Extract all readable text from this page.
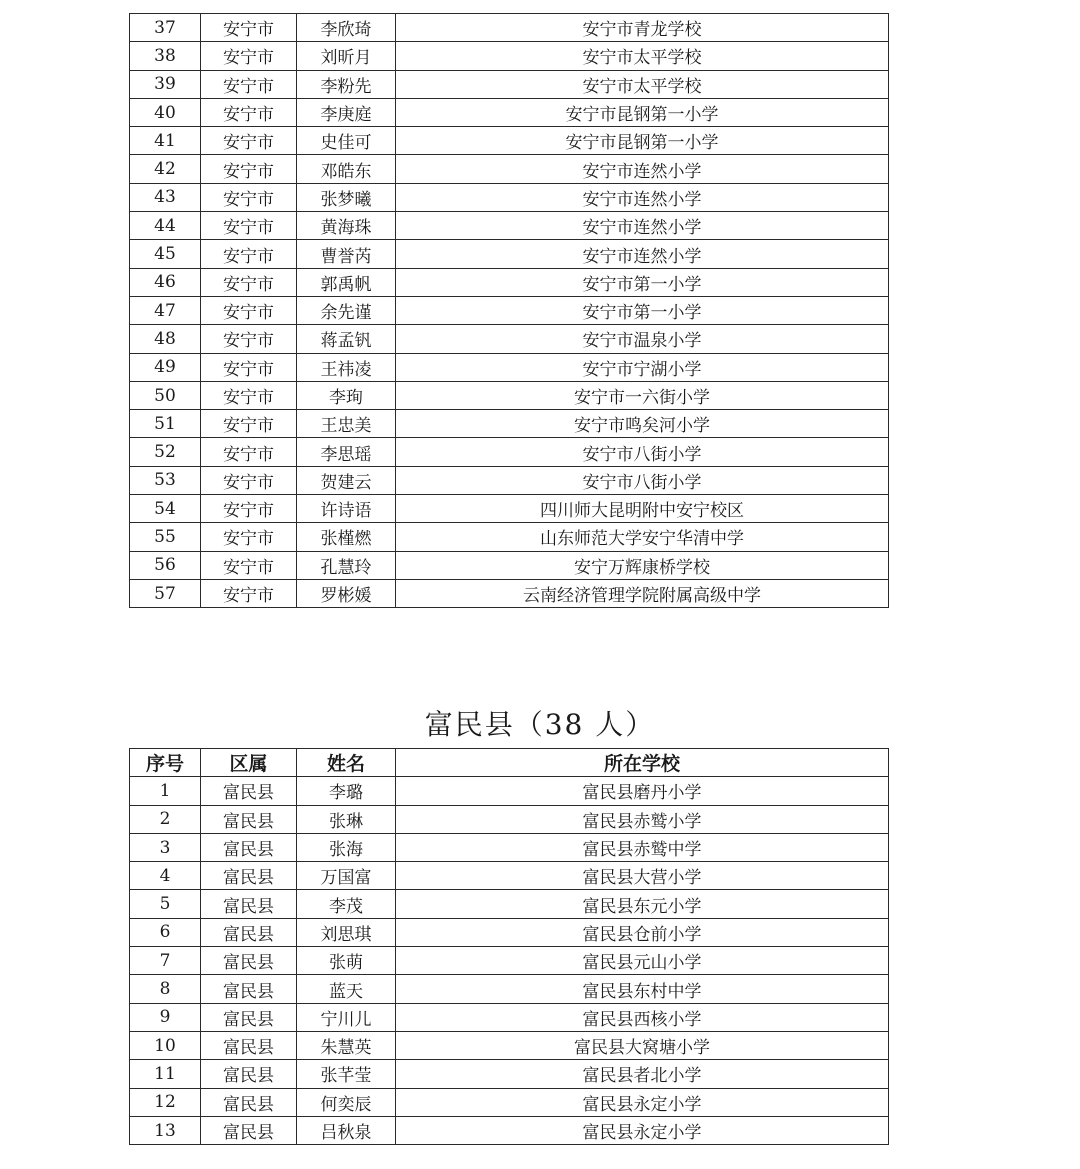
37	安宁市	李欣琦	安宁市青龙学校
38	安宁市	刘昕月	安宁市太平学校
39	安宁市	李粉先	安宁市太平学校
40	安宁市	李庚庭	安宁市昆钢第一小学
41	安宁市	史佳可	安宁市昆钢第一小学
42	安宁市	邓皓东	安宁市连然小学
43	安宁市	张梦曦	安宁市连然小学
44	安宁市	黄海珠	安宁市连然小学
45	安宁市	曹誉芮	安宁市连然小学
46	安宁市	郭禹帆	安宁市第一小学
47	安宁市	余先谨	安宁市第一小学
48	安宁市	蒋孟钒	安宁市温泉小学
49	安宁市	王祎凌	安宁市宁湖小学
50	安宁市	李珣	安宁市一六街小学
51	安宁市	王忠美	安宁市鸣矣河小学
52	安宁市	李思瑶	安宁市八街小学
53	安宁市	贺建云	安宁市八街小学
54	安宁市	许诗语	四川师大昆明附中安宁校区
55	安宁市	张槿燃	山东师范大学安宁华清中学
56	安宁市	孔慧玲	安宁万辉康桥学校
57	安宁市	罗彬媛	云南经济管理学院附属高级中学
富民县（38 人）
序号	区属	姓名	所在学校
1	富民县	李璐	富民县磨丹小学
2	富民县	张琳	富民县赤鹫小学
3	富民县	张海	富民县赤鹫中学
4	富民县	万国富	富民县大营小学
5	富民县	李茂	富民县东元小学
6	富民县	刘思琪	富民县仓前小学
7	富民县	张萌	富民县元山小学
8	富民县	蓝天	富民县东村中学
9	富民县	宁川儿	富民县西核小学
10	富民县	朱慧英	富民县大窝塘小学
11	富民县	张芊莹	富民县者北小学
12	富民县	何奕辰	富民县永定小学
13	富民县	吕秋泉	富民县永定小学
